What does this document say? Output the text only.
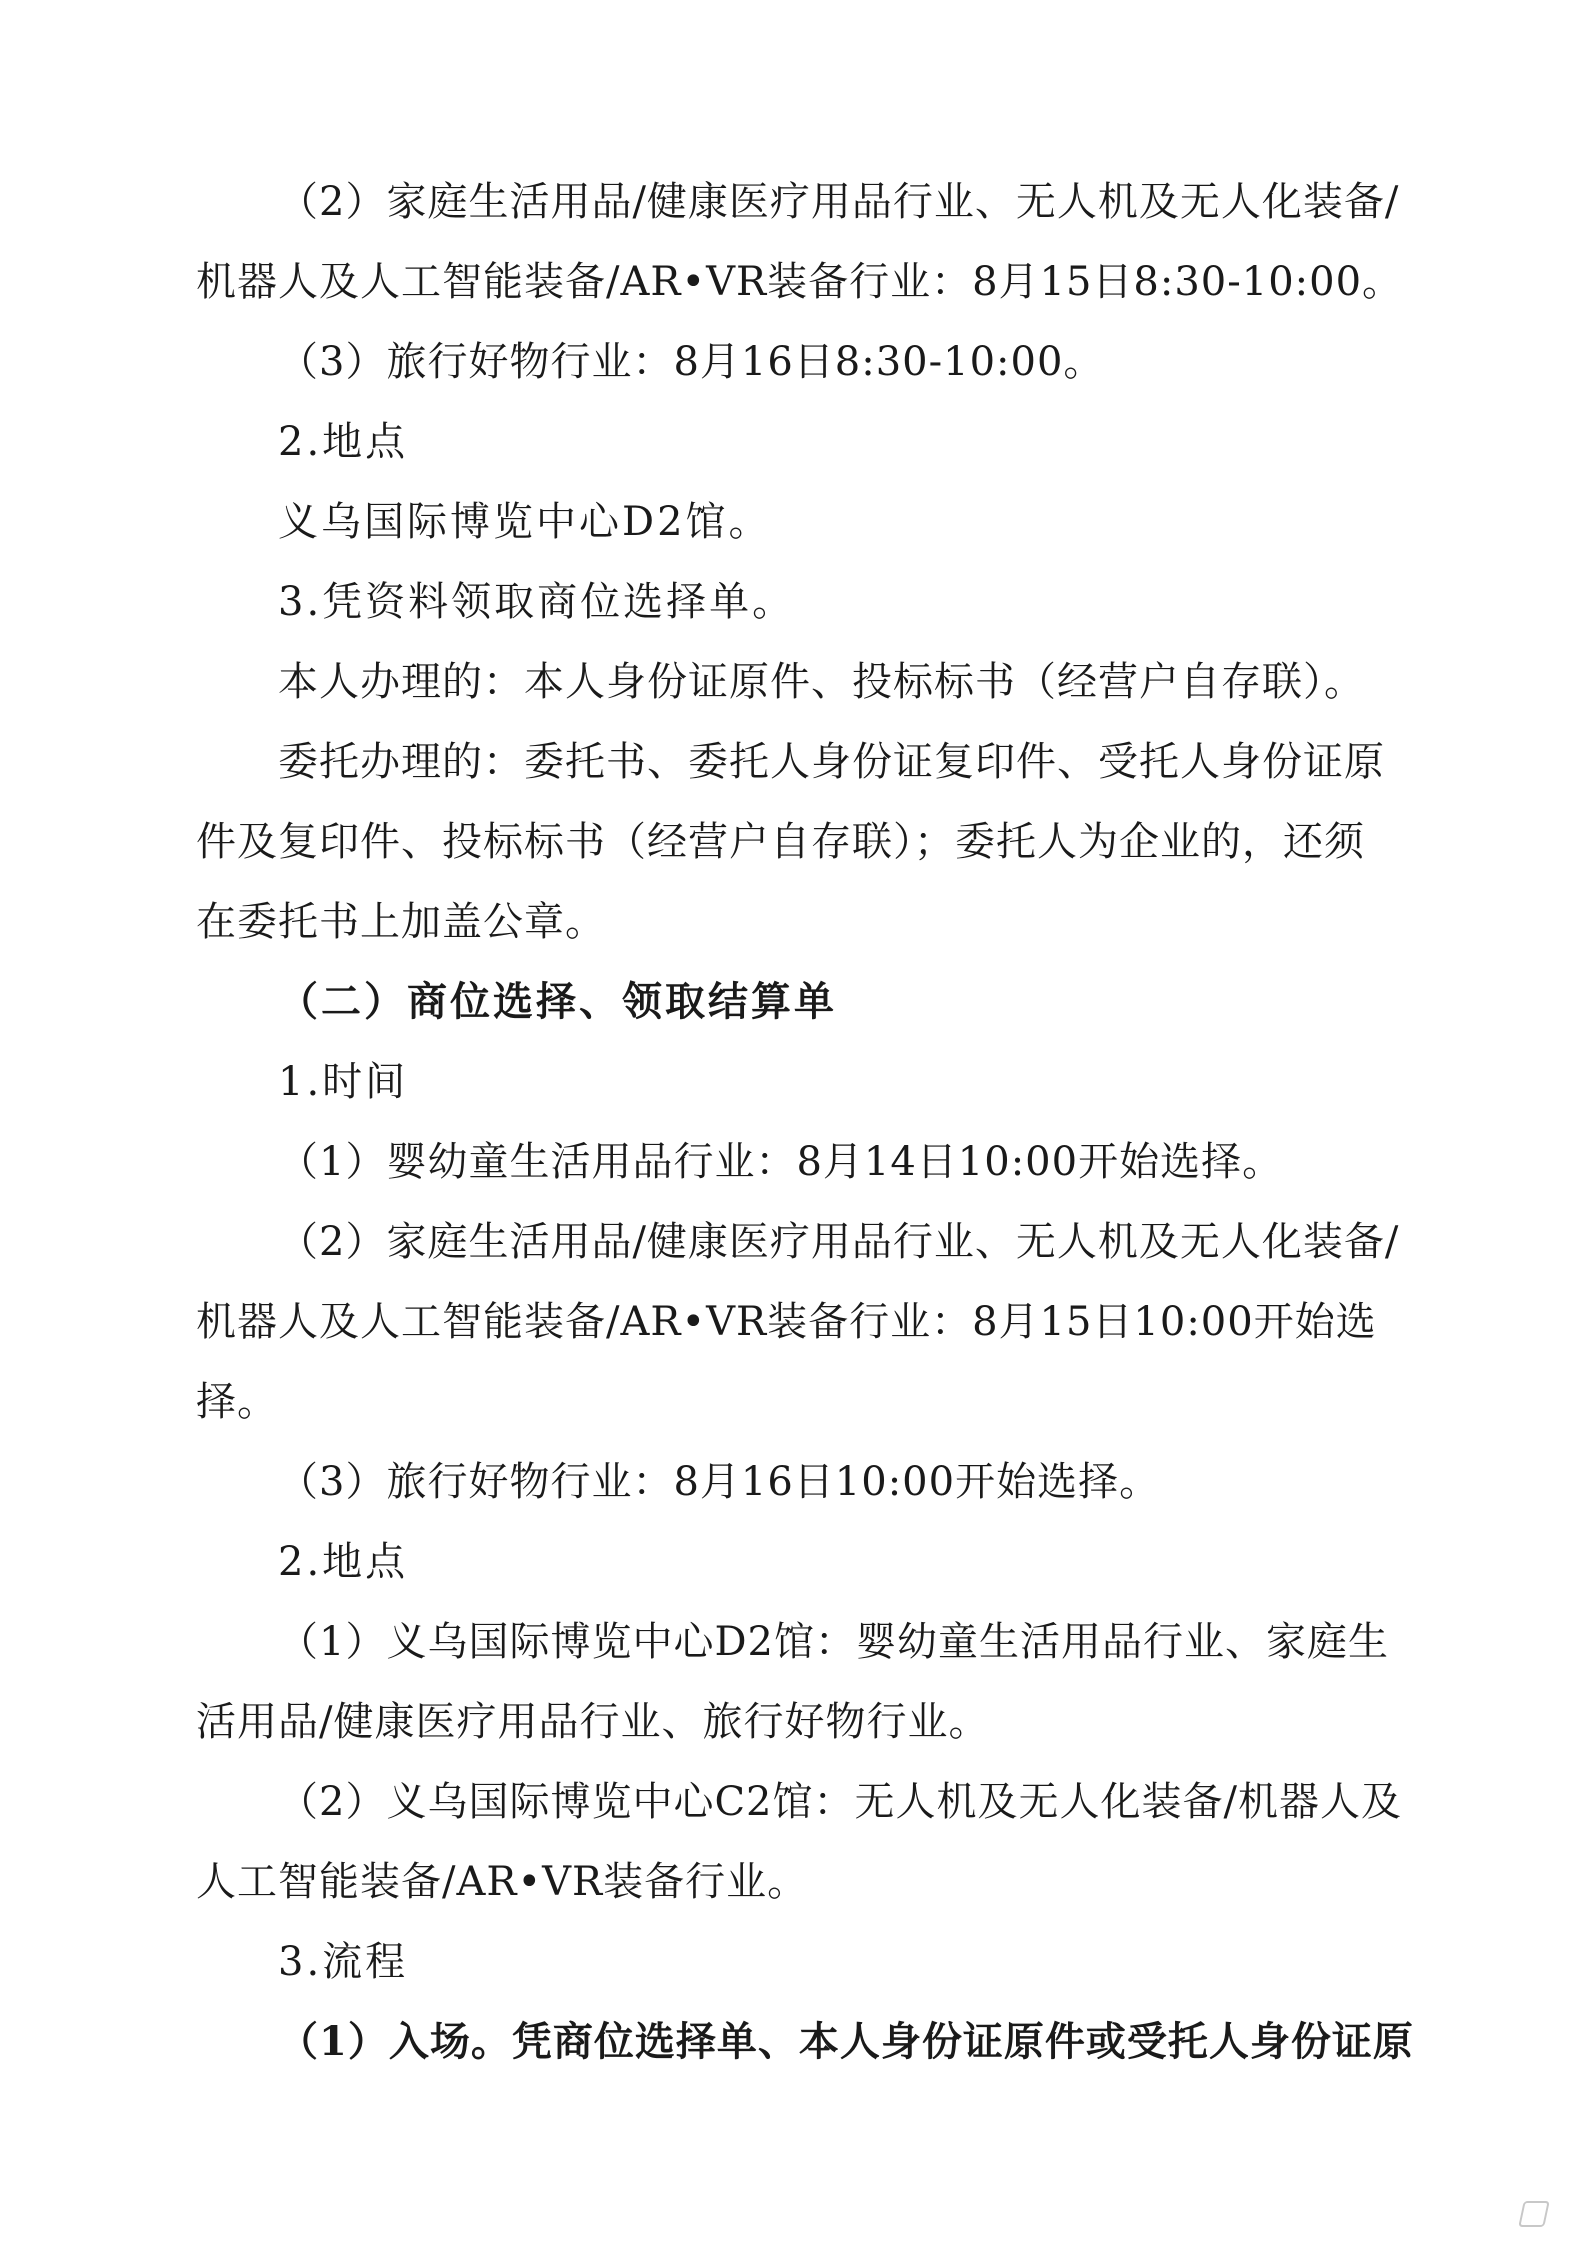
（2）家庭生活用品/健康医疗用品行业、无人机及无人化装备/
机器人及人工智能装备/AR•VR装备行业：8月15日8:30-10:00。
（3）旅行好物行业：8月16日8:30-10:00。
2.地点
义乌国际博览中心D2馆。
3.凭资料领取商位选择单。
本人办理的：本人身份证原件、投标标书（经营户自存联）。
委托办理的：委托书、委托人身份证复印件、受托人身份证原
件及复印件、投标标书（经营户自存联）；委托人为企业的，还须
在委托书上加盖公章。
（二）商位选择、领取结算单
1.时间
（1）婴幼童生活用品行业：8月14日10:00开始选择。
（2）家庭生活用品/健康医疗用品行业、无人机及无人化装备/
机器人及人工智能装备/AR•VR装备行业：8月15日10:00开始选
择。
（3）旅行好物行业：8月16日10:00开始选择。
2.地点
（1）义乌国际博览中心D2馆：婴幼童生活用品行业、家庭生
活用品/健康医疗用品行业、旅行好物行业。
（2）义乌国际博览中心C2馆：无人机及无人化装备/机器人及
人工智能装备/AR•VR装备行业。
3.流程
（1）入场。凭商位选择单、本人身份证原件或受托人身份证原
